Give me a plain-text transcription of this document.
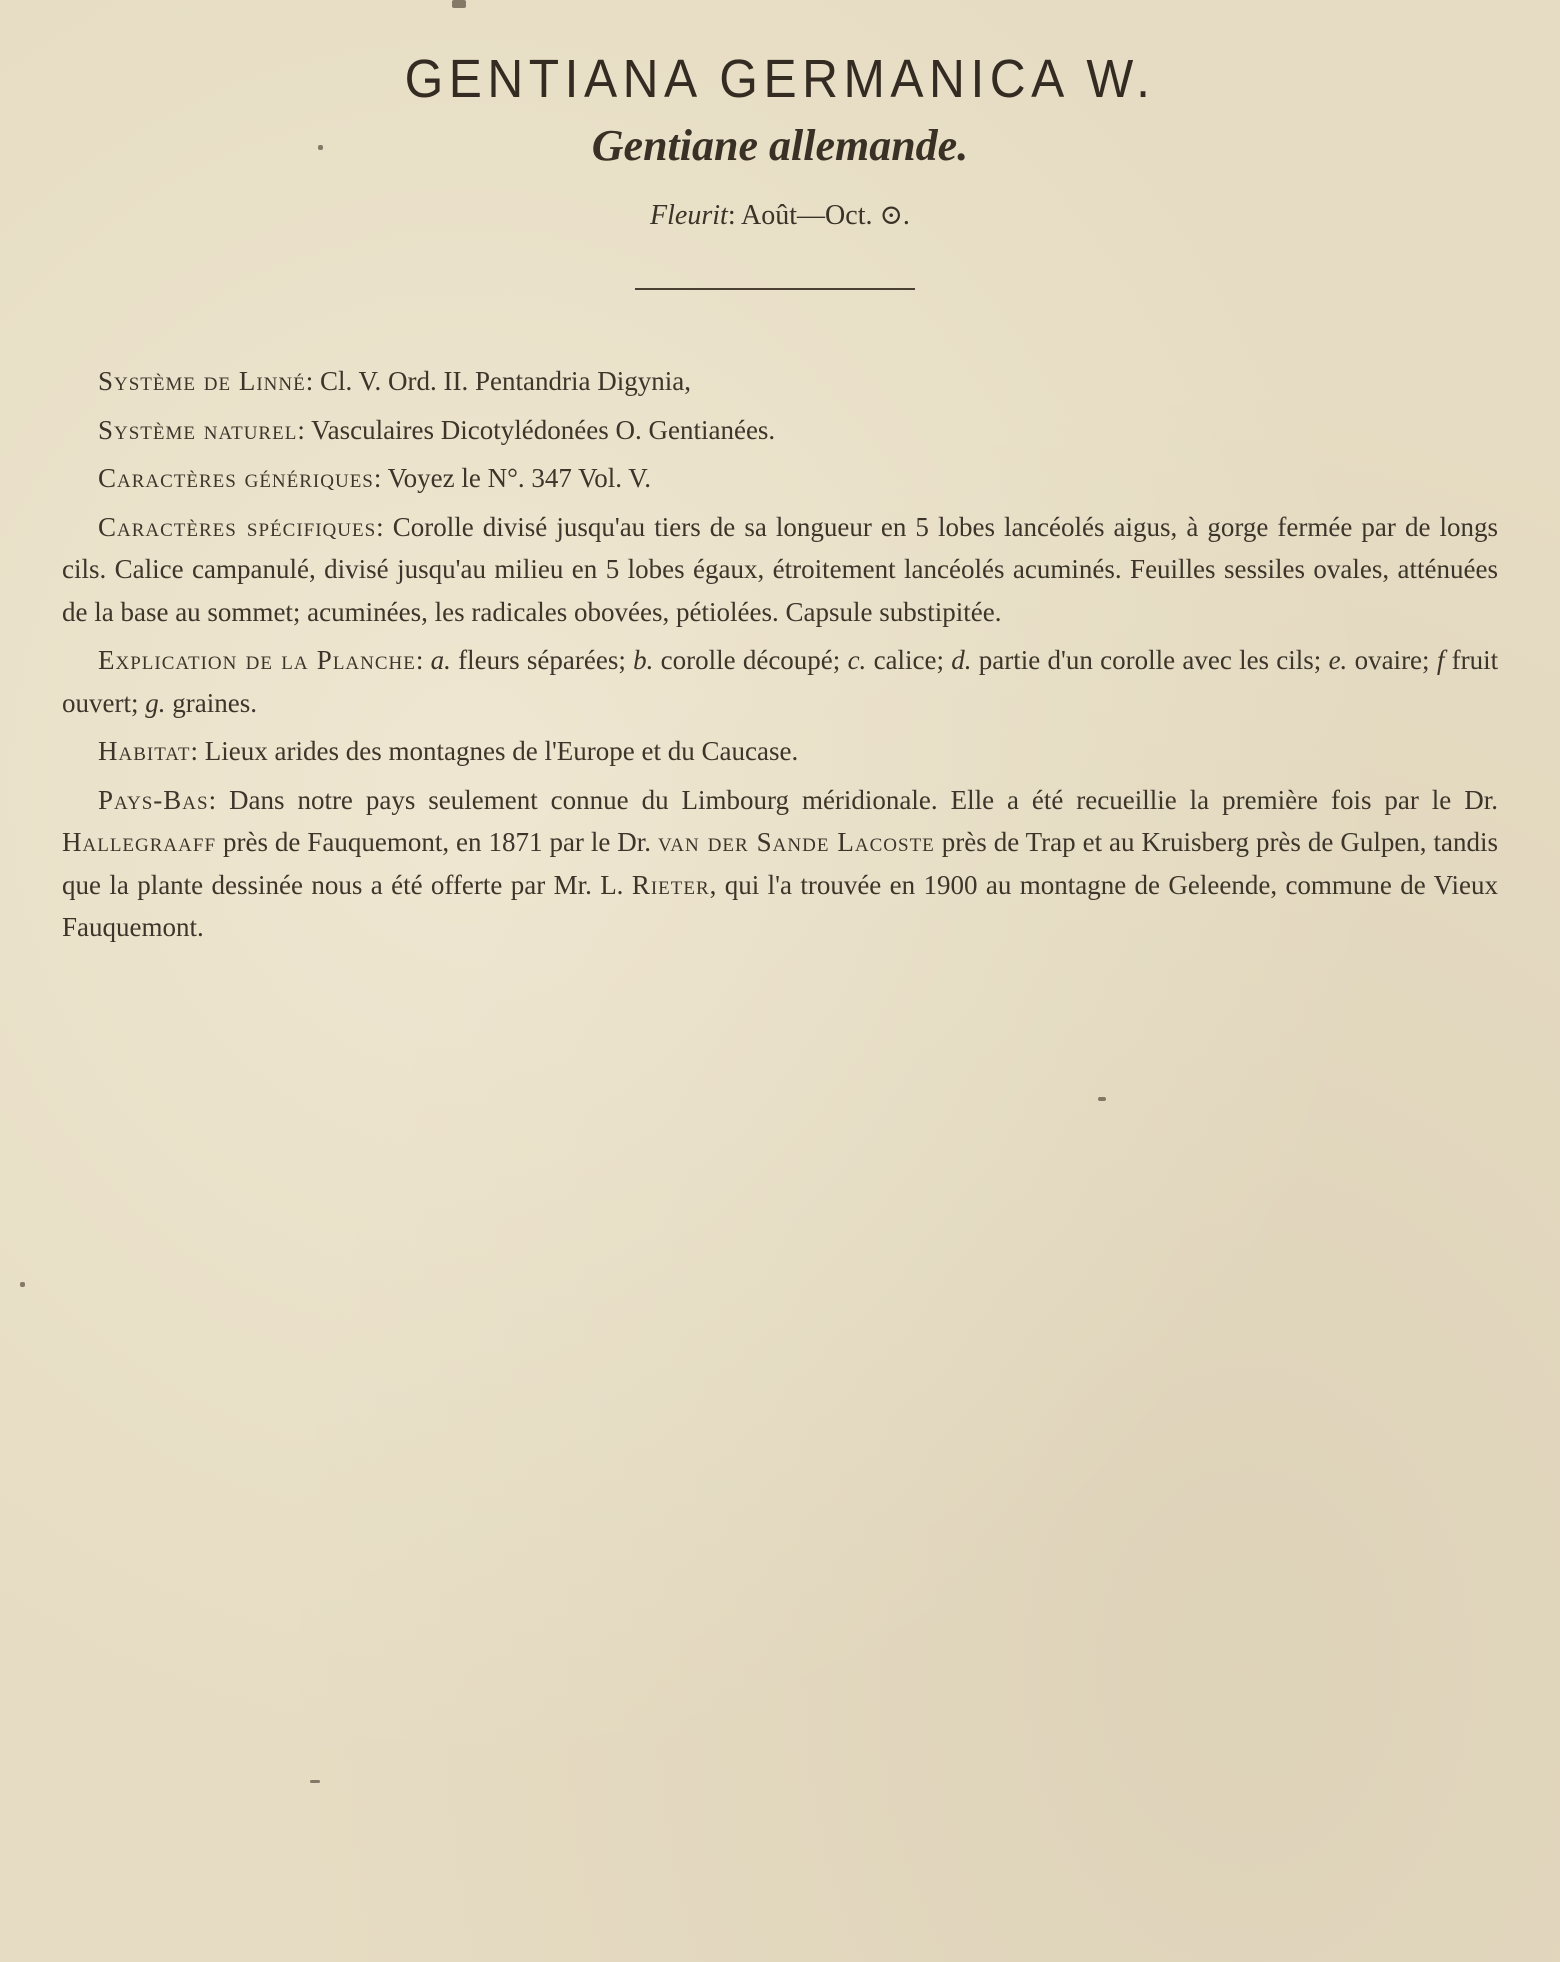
GENTIANA GERMANICA W.
Gentiane allemande.
Fleurit: Août—Oct. ⊙.

Système de Linné: Cl. V. Ord. II. Pentandria Digynia,

Système naturel: Vasculaires Dicotylédonées O. Gentianées.

Caractères génériques: Voyez le N°. 347 Vol. V.

Caractères spécifiques: Corolle divisé jusqu'au tiers de sa longueur en 5 lobes lancéolés aigus, à gorge fermée par de longs cils. Calice campanulé, divisé jusqu'au milieu en 5 lobes égaux, étroitement lancéolés acuminés. Feuilles sessiles ovales, atténuées de la base au sommet; acuminées, les radicales obovées, pétiolées. Capsule substipitée.

Explication de la Planche: a. fleurs séparées; b. corolle découpé; c. calice; d. partie d'un corolle avec les cils; e. ovaire; f fruit ouvert; g. graines.

Habitat: Lieux arides des montagnes de l'Europe et du Caucase.

Pays-Bas: Dans notre pays seulement connue du Limbourg méridionale. Elle a été recueillie la première fois par le Dr. Hallegraaff près de Fauquemont, en 1871 par le Dr. van der Sande Lacoste près de Trap et au Kruisberg près de Gulpen, tandis que la plante dessinée nous a été offerte par Mr. L. Rieter, qui l'a trouvée en 1900 au montagne de Geleende, commune de Vieux Fauquemont.
